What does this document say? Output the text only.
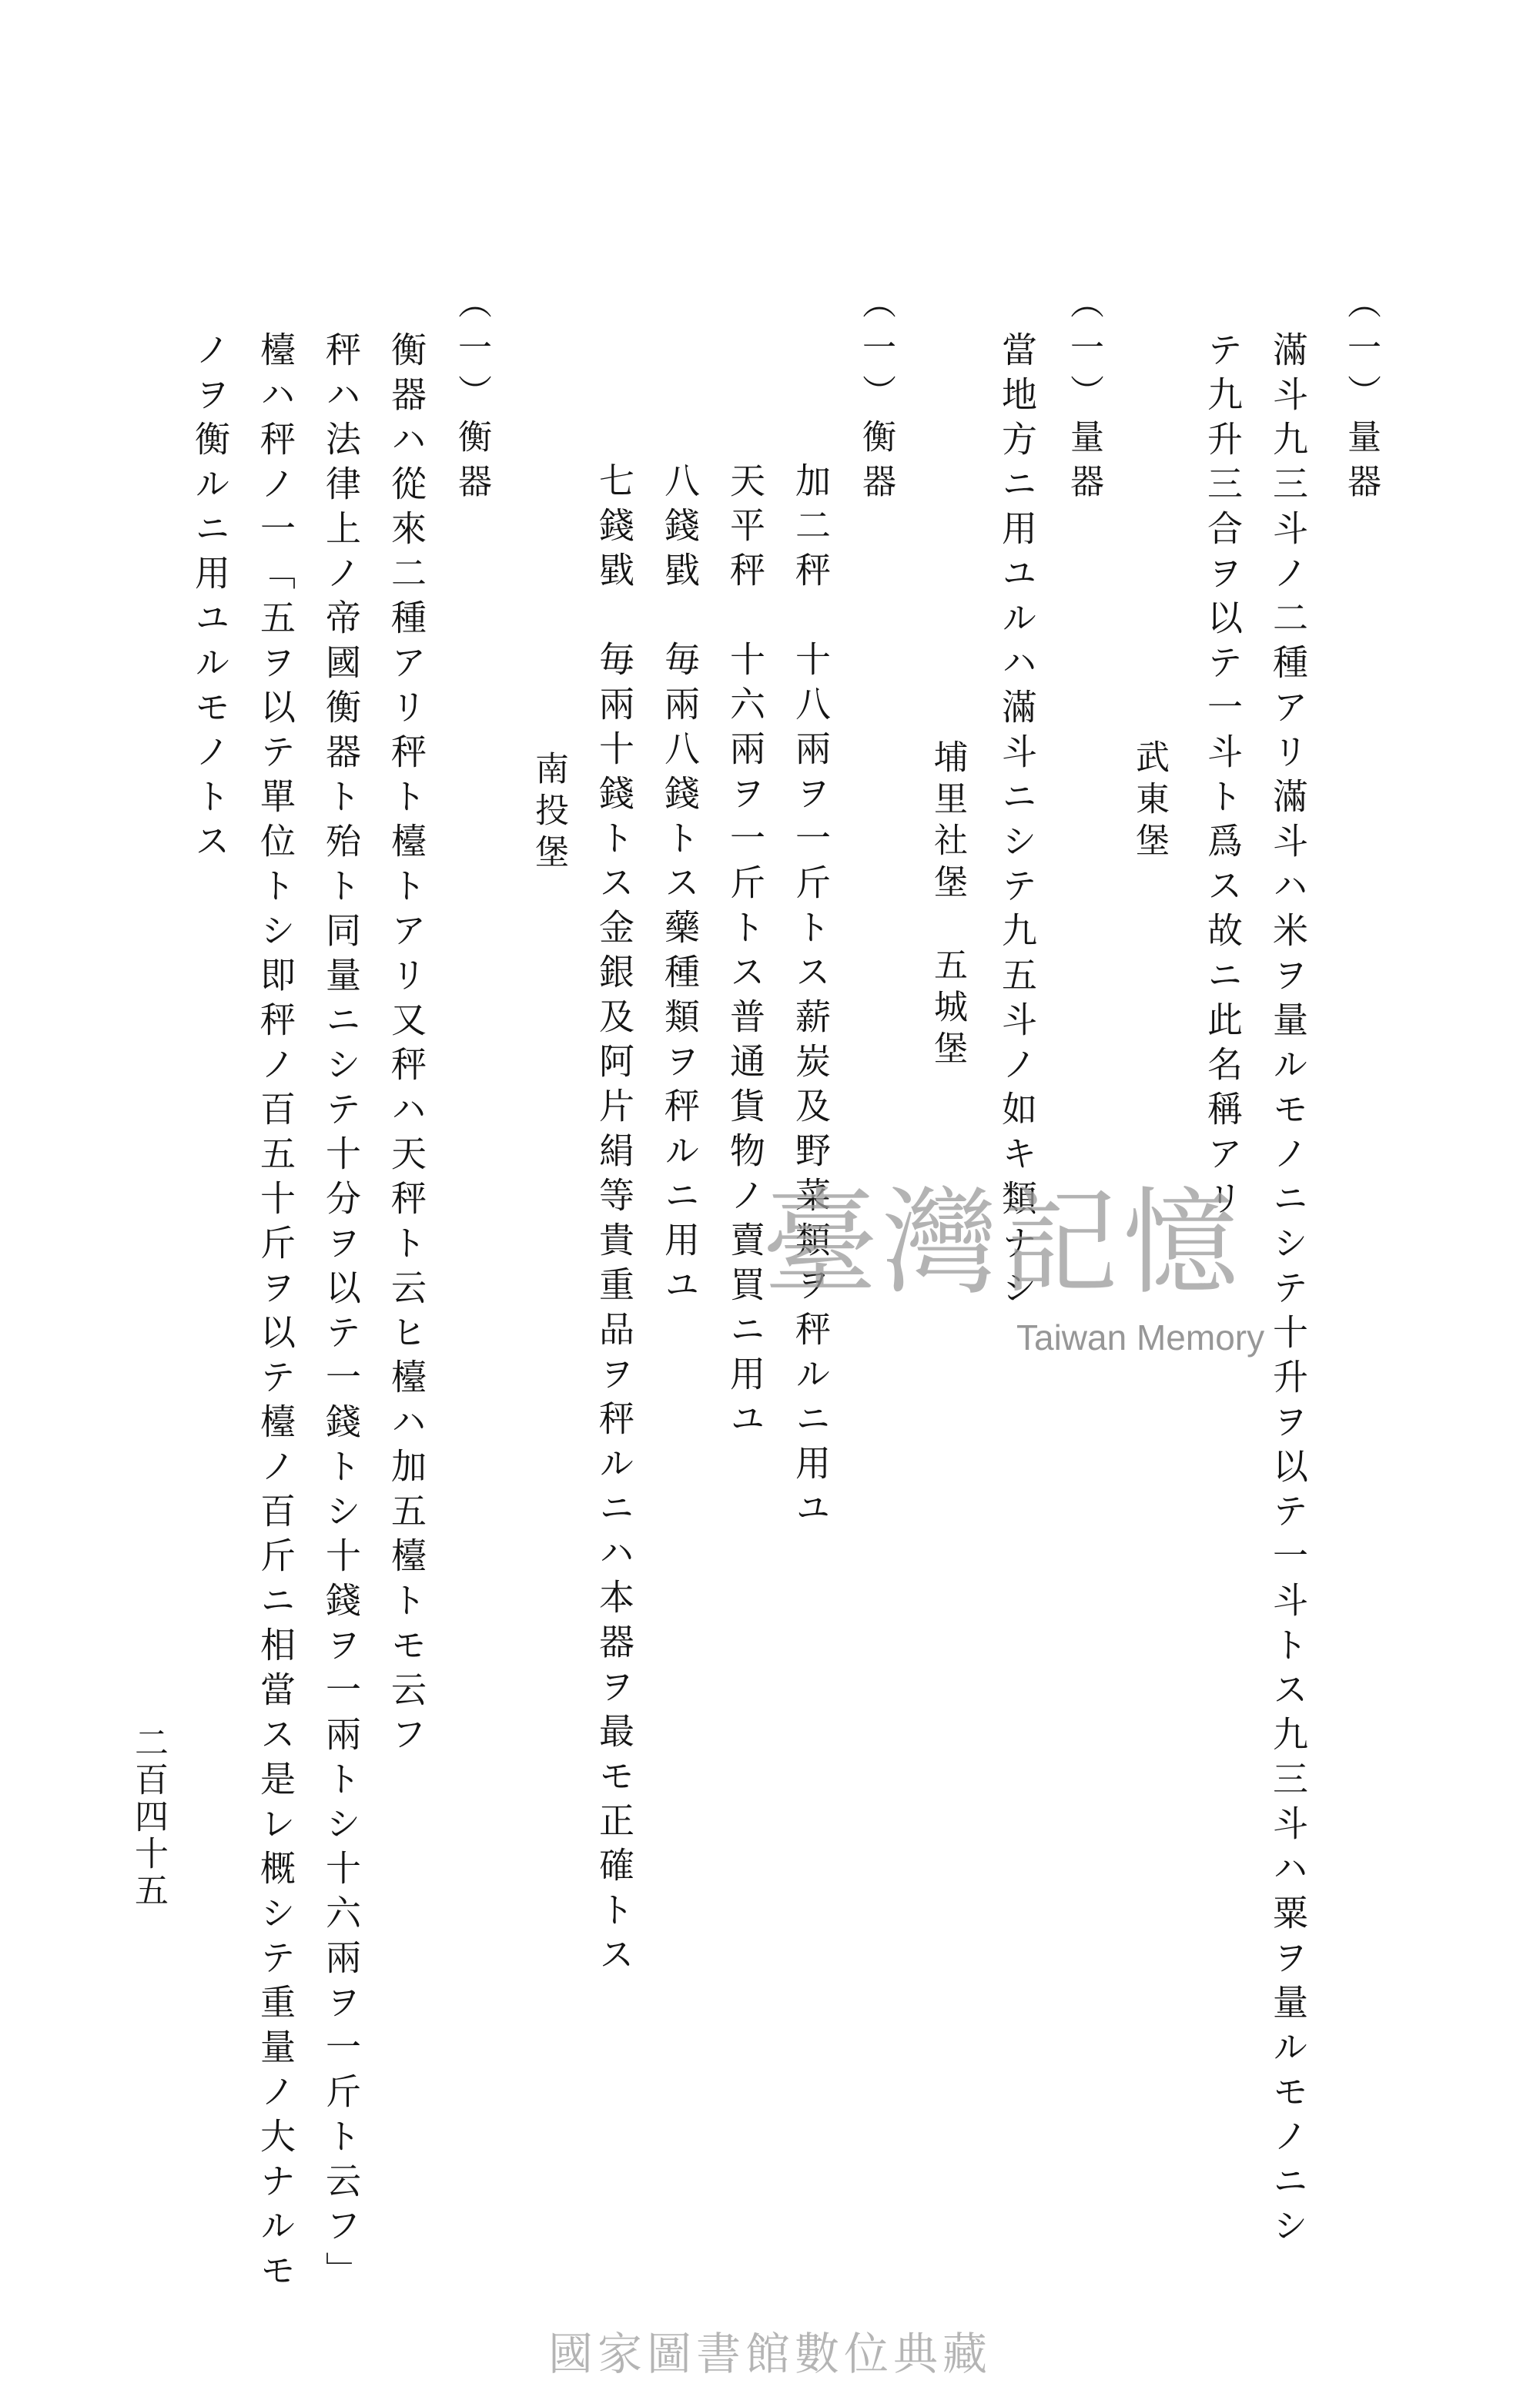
（一）量器
滿斗九三斗ノ二種アリ滿斗ハ米ヲ量ルモノニシテ十升ヲ以テ一斗トス九三斗ハ粟ヲ量ルモノニシ
テ九升三合ヲ以テ一斗ト爲ス故ニ此名稱アリ
武東堡
（一）量器
當地方ニ用ユルハ滿斗ニシテ九五斗ノ如キ類ナシ
埔里社堡　五城堡
（一）衡器
加二秤　十八兩ヲ一斤トス薪炭及野菜類ヲ秤ルニ用ユ
天平秤　十六兩ヲ一斤トス普通貨物ノ賣買ニ用ユ
八錢戥　毎兩八錢トス藥種類ヲ秤ルニ用ユ
七錢戥　毎兩十錢トス金銀及阿片絹等貴重品ヲ秤ルニハ本器ヲ最モ正確トス
南投堡
（一）衡器
衡器ハ從來二種アリ秤ト檯トアリ又秤ハ天秤ト云ヒ檯ハ加五檯トモ云フ
秤ハ法律上ノ帝國衡器ト殆ト同量ニシテ十分ヲ以テ一錢トシ十錢ヲ一兩トシ十六兩ヲ一斤ト云フ」
檯ハ秤ノ一「五ヲ以テ單位トシ即秤ノ百五十斤ヲ以テ檯ノ百斤ニ相當ス是レ概シテ重量ノ大ナルモ
ノヲ衡ルニ用ユルモノトス
二百四十五
臺灣記憶
Taiwan Memory
國家圖書館數位典藏
